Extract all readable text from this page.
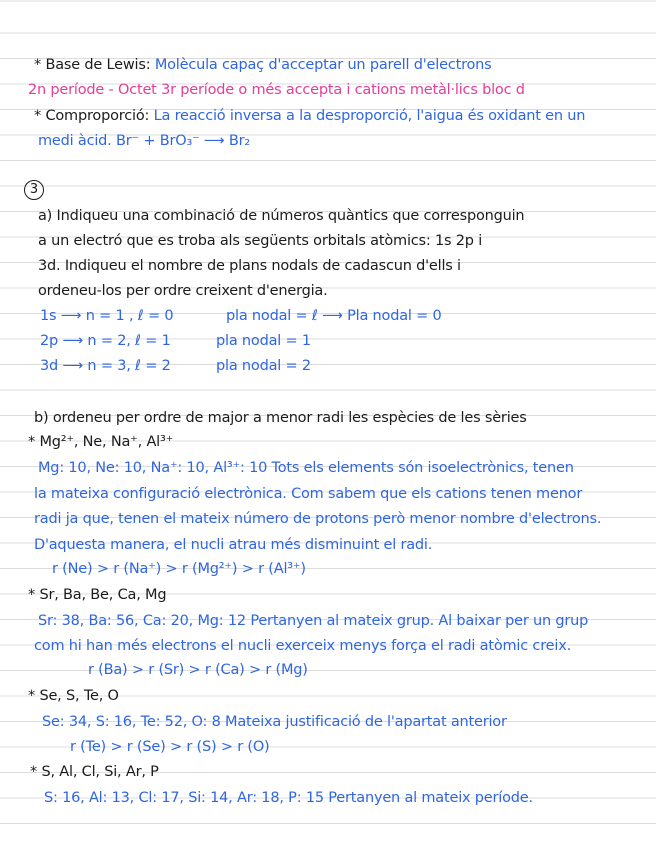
* Base de Lewis: Molècula capaç d'acceptar un parell d'electrons
2n període - Octet 3r període o més accepta i cations metàl·lics bloc d
* Comproporció: La reacció inversa a la desproporció, l'aigua és oxidant en un
medi àcid. Br⁻ + BrO₃⁻ ⟶ Br₂
3
a) Indiqueu una combinació de números quàntics que corresponguin
a un electró que es troba als següents orbitals atòmics: 1s 2p i
3d. Indiqueu el nombre de plans nodals de cadascun d'ells i
ordeneu-los per ordre creixent d'energia.
1s ⟶ n = 1 , ℓ = 0	pla nodal = ℓ ⟶ Pla nodal = 0
2p ⟶ n = 2, ℓ = 1	pla nodal = 1
3d ⟶ n = 3, ℓ = 2	pla nodal = 2
b) ordeneu per ordre de major a menor radi les espècies de les sèries
* Mg²⁺, Ne, Na⁺, Al³⁺
Mg: 10, Ne: 10, Na⁺: 10, Al³⁺: 10 Tots els elements són isoelectrònics, tenen
la mateixa configuració electrònica. Com sabem que els cations tenen menor
radi ja que, tenen el mateix número de protons però menor nombre d'electrons.
D'aquesta manera, el nucli atrau més disminuint el radi.
r (Ne) > r (Na⁺) > r (Mg²⁺) > r (Al³⁺)
* Sr, Ba, Be, Ca, Mg
Sr: 38, Ba: 56, Ca: 20, Mg: 12 Pertanyen al mateix grup. Al baixar per un grup
com hi han més electrons el nucli exerceix menys força el radi atòmic creix.
r (Ba) > r (Sr) > r (Ca) > r (Mg)
* Se, S, Te, O
Se: 34, S: 16, Te: 52, O: 8 Mateixa justificació de l'apartat anterior
r (Te) > r (Se) > r (S) > r (O)
* S, Al, Cl, Si, Ar, P
S: 16, Al: 13, Cl: 17, Si: 14, Ar: 18, P: 15 Pertanyen al mateix període.
